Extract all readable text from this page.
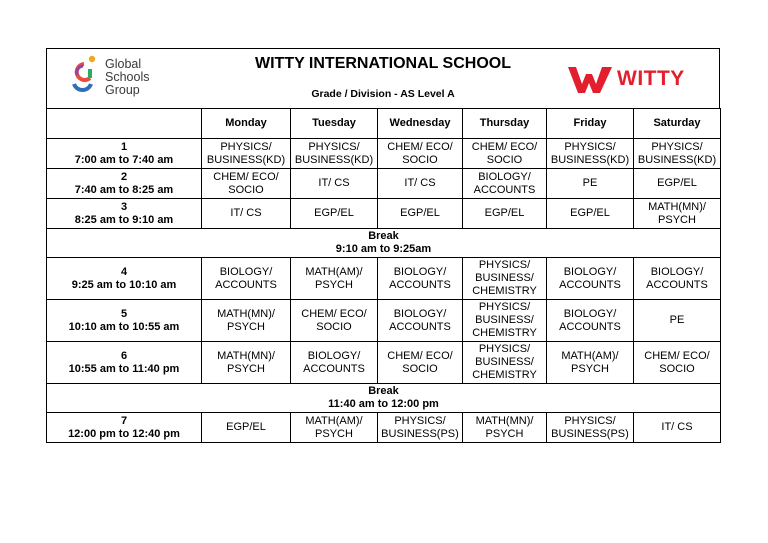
Global
Schools
Group
WITTY INTERNATIONAL SCHOOL
Grade / Division - AS Level A
WITTY
	Monday	Tuesday	Wednesday	Thursday	Friday	Saturday
1
7:00 am to 7:40 am	PHYSICS/
BUSINESS(KD)	PHYSICS/
BUSINESS(KD)	CHEM/ ECO/
SOCIO	CHEM/ ECO/
SOCIO	PHYSICS/
BUSINESS(KD)	PHYSICS/
BUSINESS(KD)
2
7:40 am to 8:25 am	CHEM/ ECO/
SOCIO	IT/ CS	IT/ CS	BIOLOGY/
ACCOUNTS	PE	EGP/EL
3
8:25 am to 9:10 am	IT/ CS	EGP/EL	EGP/EL	EGP/EL	EGP/EL	MATH(MN)/
PSYCH
Break
9:10 am to 9:25am						
4
9:25 am to 10:10 am	BIOLOGY/
ACCOUNTS	MATH(AM)/
PSYCH	BIOLOGY/
ACCOUNTS	PHYSICS/
BUSINESS/
CHEMISTRY	BIOLOGY/
ACCOUNTS	BIOLOGY/
ACCOUNTS
5
10:10 am to 10:55 am	MATH(MN)/
PSYCH	CHEM/ ECO/
SOCIO	BIOLOGY/
ACCOUNTS	PHYSICS/
BUSINESS/
CHEMISTRY	BIOLOGY/
ACCOUNTS	PE
6
10:55 am to 11:40 pm	MATH(MN)/
PSYCH	BIOLOGY/
ACCOUNTS	CHEM/ ECO/
SOCIO	PHYSICS/
BUSINESS/
CHEMISTRY	MATH(AM)/
PSYCH	CHEM/ ECO/
SOCIO
Break
11:40 am to 12:00 pm						
7
12:00 pm to 12:40 pm	EGP/EL	MATH(AM)/
PSYCH	PHYSICS/
BUSINESS(PS)	MATH(MN)/
PSYCH	PHYSICS/
BUSINESS(PS)	IT/ CS
